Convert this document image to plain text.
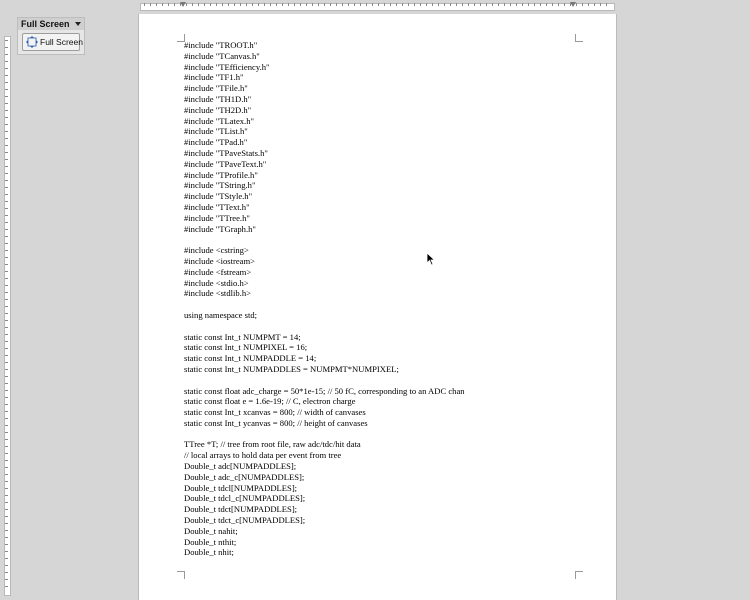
Full Screen
Full Screen	#include "TROOT.h"
#include "TCanvas.h"
#include "TEfficiency.h"
#include "TF1.h"
#include "TFile.h"
#include "TH1D.h"
#include "TH2D.h"
#include "TLatex.h"
#include "TList.h"
#include "TPad.h"
#include "TPaveStats.h"
#include "TPaveText.h"
#include "TProfile.h"
#include "TString.h"
#include "TStyle.h"
#include "TText.h"
#include "TTree.h"
#include "TGraph.h"
#include <cstring>
#include <iostream>
#include <fstream>
#include <stdio.h>
#include <stdlib.h>
using namespace std;
static const Int_t NUMPMT = 14;
static const Int_t NUMPIXEL = 16;
static const Int_t NUMPADDLE = 14;
static const Int_t NUMPADDLES = NUMPMT*NUMPIXEL;
static const float adc_charge = 50*1e-15; // 50 fC, corresponding to an ADC chan
static const float e = 1.6e-19; // C, electron charge
static const Int_t xcanvas = 800; // width of canvases
static const Int_t ycanvas = 800; // height of canvases
TTree *T; // tree from root file, raw adc/tdc/hit data
// local arrays to hold data per event from tree
Double_t adc[NUMPADDLES];
Double_t adc_c[NUMPADDLES];
Double_t tdcl[NUMPADDLES];
Double_t tdcl_c[NUMPADDLES];
Double_t tdct[NUMPADDLES];
Double_t tdct_c[NUMPADDLES];
Double_t nahit;
Double_t nthit;
Double_t nhit;
